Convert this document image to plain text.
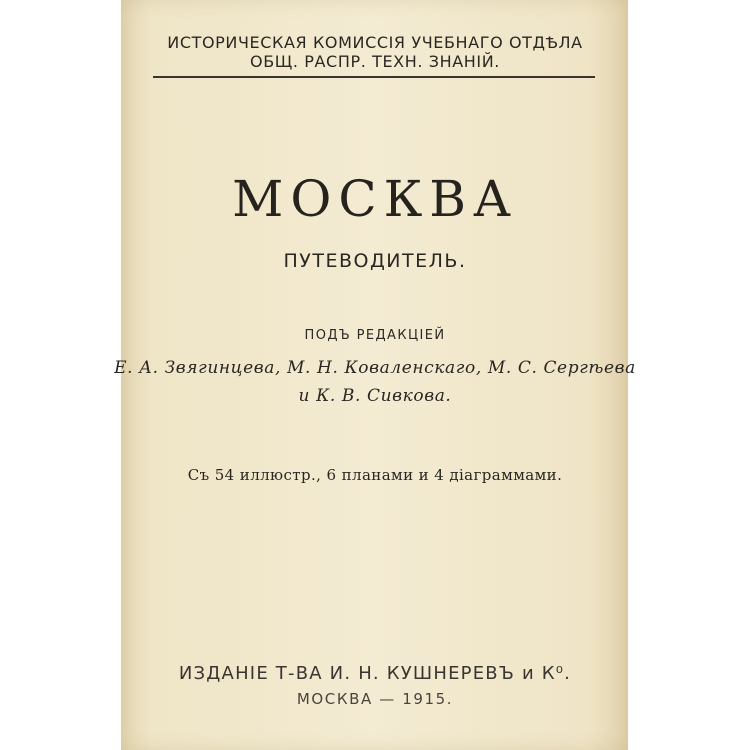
ИСТОРИЧЕСКАЯ КОМИССІЯ УЧЕБНАГО ОТДѢЛА
ОБЩ. РАСПР. ТЕХН. ЗНАНІЙ.
МОСКВА
ПУТЕВОДИТЕЛЬ.
ПОДЪ РЕДАКЦІЕЙ
Е. А. Звягинцева, М. Н. Коваленскаго, М. С. Сергѣева
и К. В. Сивкова.
Съ 54 иллюстр., 6 планами и 4 діаграммами.
ИЗДАНІЕ Т-ВА И. Н. КУШНЕРЕВЪ и К⁰.
МОСКВА — 1915.
